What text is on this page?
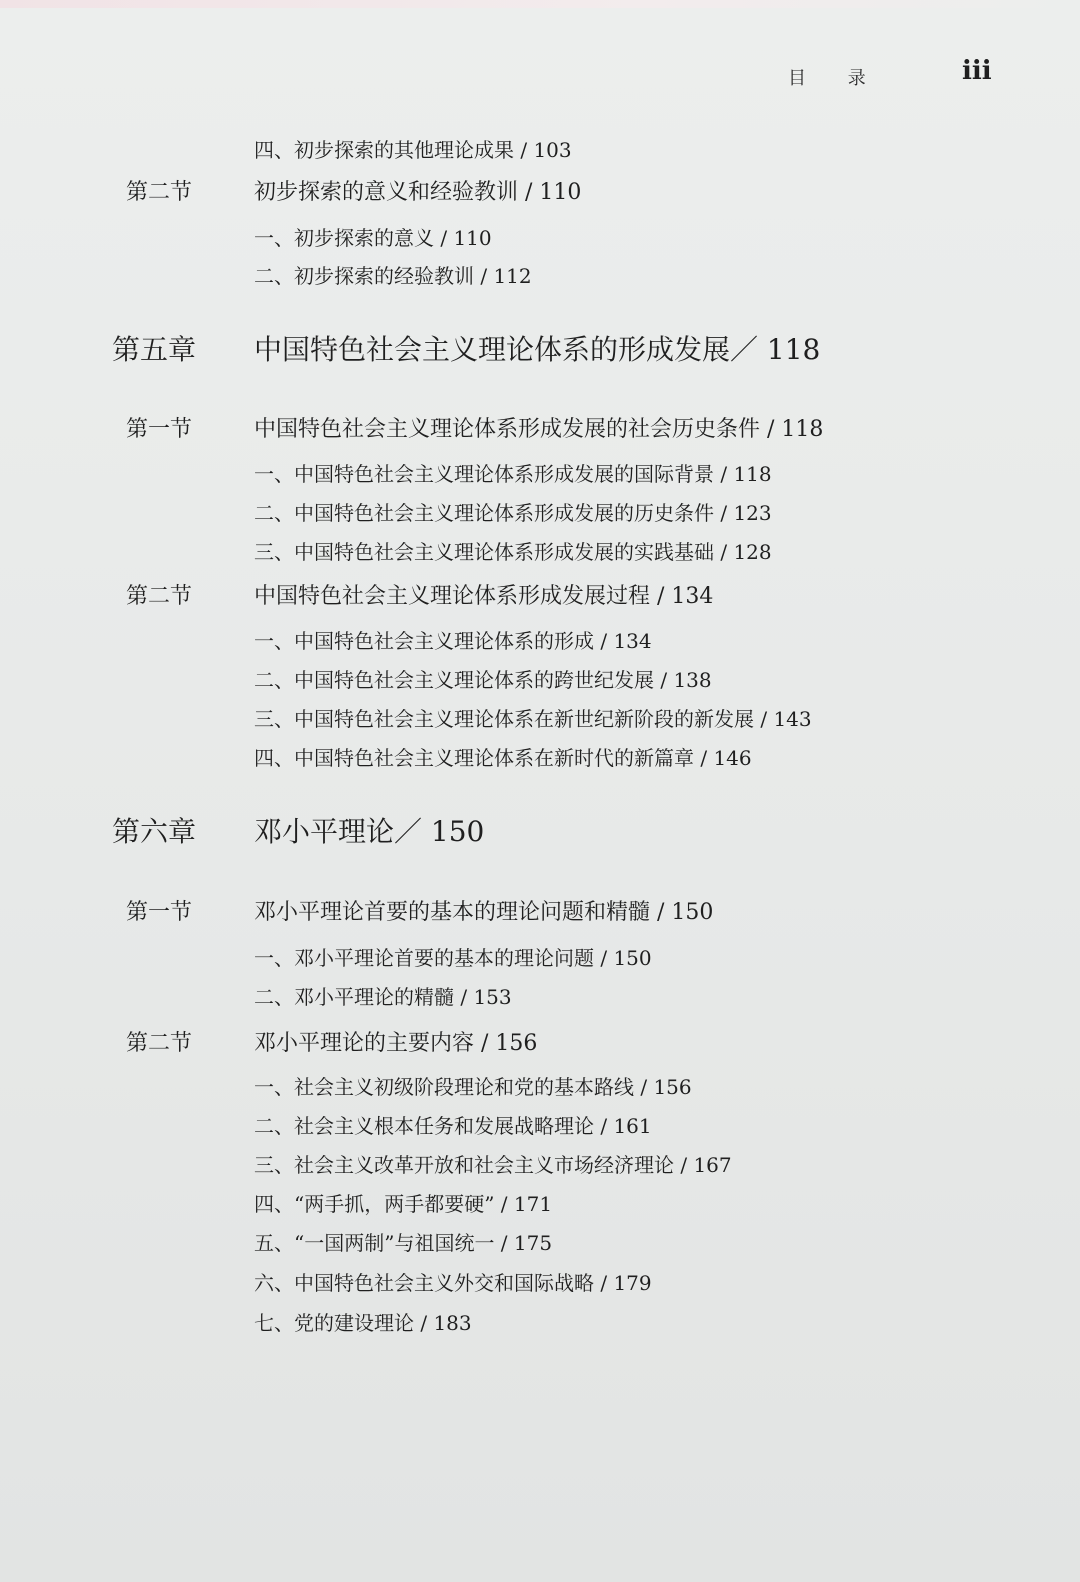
目 录	iii
四、初步探索的其他理论成果 / 103
第二节	初步探索的意义和经验教训 / 110
一、初步探索的意义 / 110
二、初步探索的经验教训 / 112
第五章 中国特色社会主义理论体系的形成发展／ 118
第一节	中国特色社会主义理论体系形成发展的社会历史条件 / 118
一、中国特色社会主义理论体系形成发展的国际背景 / 118
二、中国特色社会主义理论体系形成发展的历史条件 / 123
三、中国特色社会主义理论体系形成发展的实践基础 / 128
第二节	中国特色社会主义理论体系形成发展过程 / 134
一、中国特色社会主义理论体系的形成 / 134
二、中国特色社会主义理论体系的跨世纪发展 / 138
三、中国特色社会主义理论体系在新世纪新阶段的新发展 / 143
四、中国特色社会主义理论体系在新时代的新篇章 / 146
第六章 邓小平理论／ 150
第一节	邓小平理论首要的基本的理论问题和精髓 / 150
一、邓小平理论首要的基本的理论问题 / 150
二、邓小平理论的精髓 / 153
第二节	邓小平理论的主要内容 / 156
一、社会主义初级阶段理论和党的基本路线 / 156
二、社会主义根本任务和发展战略理论 / 161
三、社会主义改革开放和社会主义市场经济理论 / 167
四、“两手抓，两手都要硬” / 171
五、“一国两制”与祖国统一 / 175
六、中国特色社会主义外交和国际战略 / 179
七、党的建设理论 / 183
